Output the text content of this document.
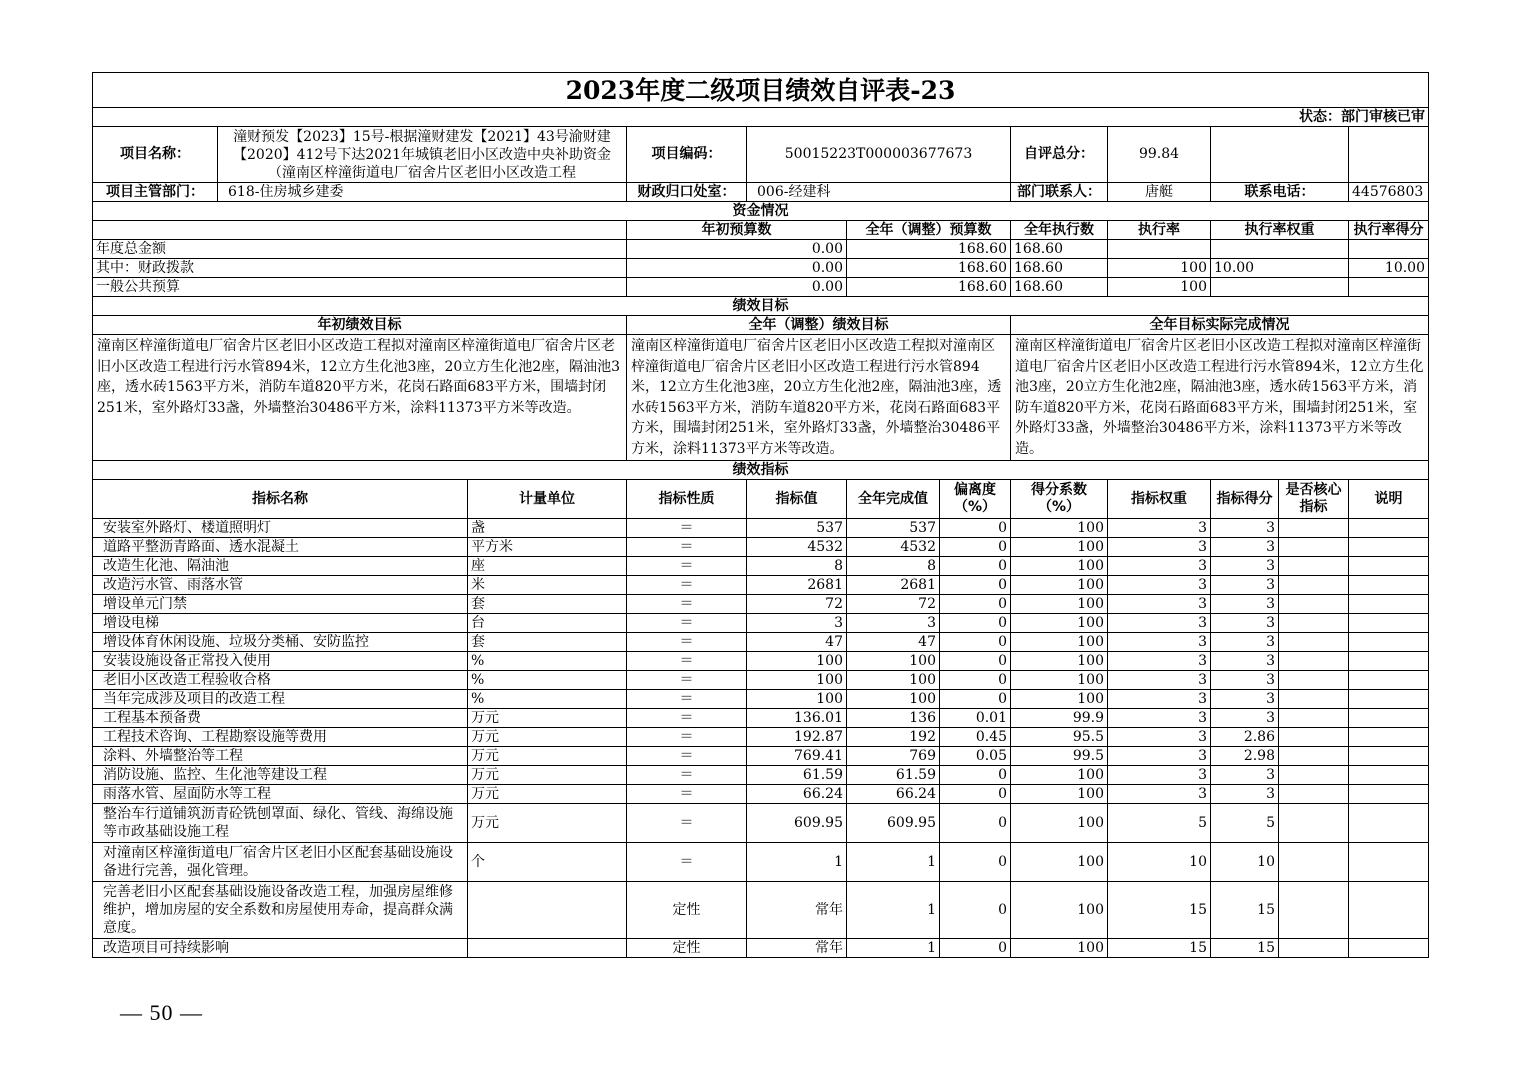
2023年度二级项目绩效自评表-23											
状态：部门审核已审											
项目名称：	潼财预发【2023】15号-根据潼财建发【2021】43号渝财建【2020】412号下达2021年城镇老旧小区改造中央补助资金（潼南区梓潼街道电厂宿舍片区老旧小区改造工程		项目编码：	50015223T000003677673			自评总分：	99.84			
项目主管部门：	618-住房城乡建委		财政归口处室：	006-经建科			部门联系人：	唐艇	联系电话：		44576803
资金情况											
			年初预算数		全年（调整）预算数		全年执行数	执行率	执行率权重		执行率得分
年度总金额			0.00		168.60		168.60				
其中：财政拨款			0.00		168.60		168.60	100	10.00		10.00
一般公共预算			0.00		168.60		168.60	100			
绩效目标											
年初绩效目标			全年（调整）绩效目标				全年目标实际完成情况				
潼南区梓潼街道电厂宿舍片区老旧小区改造工程拟对潼南区梓潼街道电厂宿舍片区老旧小区改造工程进行污水管894米，12立方生化池3座，20立方生化池2座，隔油池3座，透水砖1563平方米，消防车道820平方米，花岗石路面683平方米，围墙封闭251米，室外路灯33盏，外墙整治30486平方米，涂料11373平方米等改造。			潼南区梓潼街道电厂宿舍片区老旧小区改造工程拟对潼南区梓潼街道电厂宿舍片区老旧小区改造工程进行污水管894米，12立方生化池3座，20立方生化池2座，隔油池3座，透水砖1563平方米，消防车道820平方米，花岗石路面683平方米，围墙封闭251米，室外路灯33盏，外墙整治30486平方米，涂料11373平方米等改造。				潼南区梓潼街道电厂宿舍片区老旧小区改造工程拟对潼南区梓潼街道电厂宿舍片区老旧小区改造工程进行污水管894米，12立方生化池3座，20立方生化池2座，隔油池3座，透水砖1563平方米，消防车道820平方米，花岗石路面683平方米，围墙封闭251米，室外路灯33盏，外墙整治30486平方米，涂料11373平方米等改造。				
绩效指标											
指标名称		计量单位	指标性质	指标值	全年完成值	偏离度（%）	得分系数（%）	指标权重	指标得分	是否核心指标	说明
安装室外路灯、楼道照明灯		盏	＝	537	537	0	100	3	3		
道路平整沥青路面、透水混凝土		平方米	＝	4532	4532	0	100	3	3		
改造生化池、隔油池		座	＝	8	8	0	100	3	3		
改造污水管、雨落水管		米	＝	2681	2681	0	100	3	3		
增设单元门禁		套	＝	72	72	0	100	3	3		
增设电梯		台	＝	3	3	0	100	3	3		
增设体育休闲设施、垃圾分类桶、安防监控		套	＝	47	47	0	100	3	3		
安装设施设备正常投入使用		%	＝	100	100	0	100	3	3		
老旧小区改造工程验收合格		%	＝	100	100	0	100	3	3		
当年完成涉及项目的改造工程		%	＝	100	100	0	100	3	3		
工程基本预备费		万元	＝	136.01	136	0.01	99.9	3	3		
工程技术咨询、工程勘察设施等费用		万元	＝	192.87	192	0.45	95.5	3	2.86		
涂料、外墙整治等工程		万元	＝	769.41	769	0.05	99.5	3	2.98		
消防设施、监控、生化池等建设工程		万元	＝	61.59	61.59	0	100	3	3		
雨落水管、屋面防水等工程		万元	＝	66.24	66.24	0	100	3	3		
整治车行道铺筑沥青砼铣刨罩面、绿化、管线、海绵设施等市政基础设施工程		万元	＝	609.95	609.95	0	100	5	5		
对潼南区梓潼街道电厂宿舍片区老旧小区配套基础设施设备进行完善，强化管理。		个	＝	1	1	0	100	10	10		
完善老旧小区配套基础设施设备改造工程，加强房屋维修维护，增加房屋的安全系数和房屋使用寿命，提高群众满意度。			定性	常年	1	0	100	15	15		
改造项目可持续影响			定性	常年	1	0	100	15	15		
— 50 —
